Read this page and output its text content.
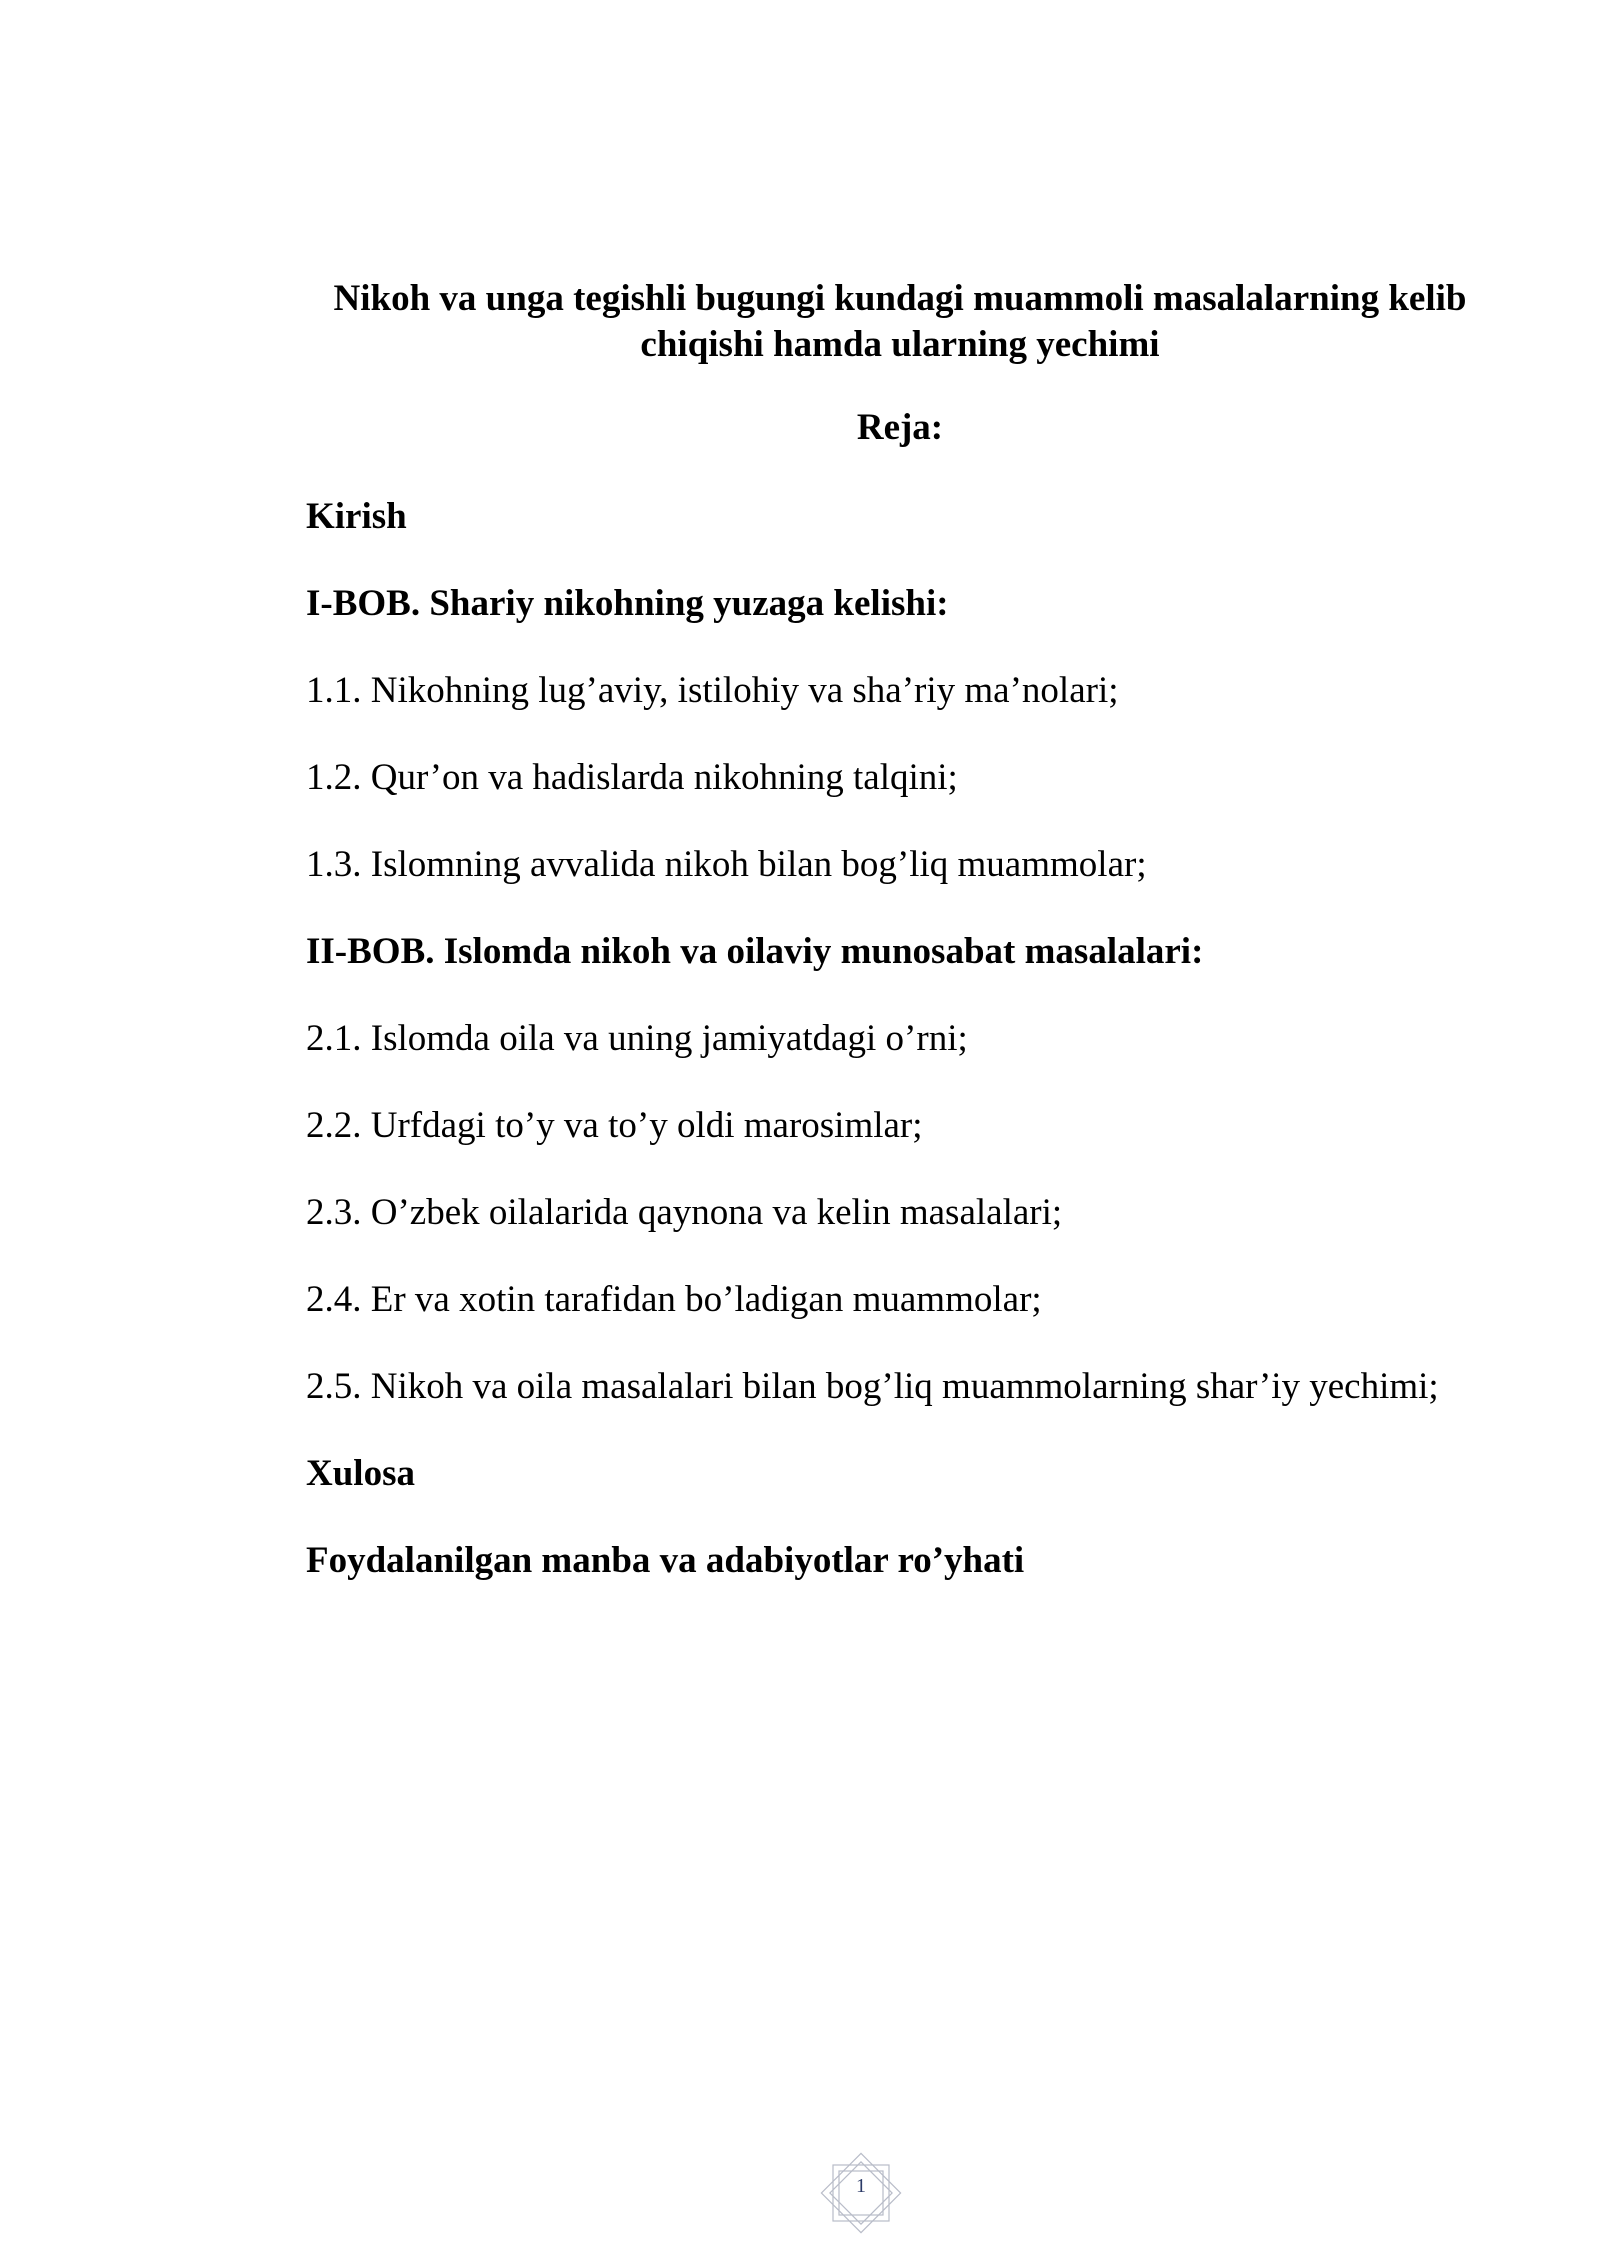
Nikoh va unga tegishli bugungi kundagi muammoli masalalarning kelib
chiqishi hamda ularning yechimi
Reja:
Kirish
I-BOB. Shariy nikohning yuzaga kelishi:
1.1. Nikohning lug’aviy, istilohiy va sha’riy ma’nolari;
1.2. Qur’on va hadislarda nikohning talqini;
1.3. Islomning avvalida nikoh bilan bog’liq muammolar;
II-BOB. Islomda nikoh va oilaviy munosabat masalalari:
2.1. Islomda oila va uning jamiyatdagi o’rni;
2.2. Urfdagi to’y va to’y oldi marosimlar;
2.3. O’zbek oilalarida qaynona va kelin masalalari;
2.4. Er va xotin tarafidan bo’ladigan muammolar;
2.5. Nikoh va oila masalalari bilan bog’liq muammolarning shar’iy yechimi;
Xulosa
Foydalanilgan manba va adabiyotlar ro’yhati
1
